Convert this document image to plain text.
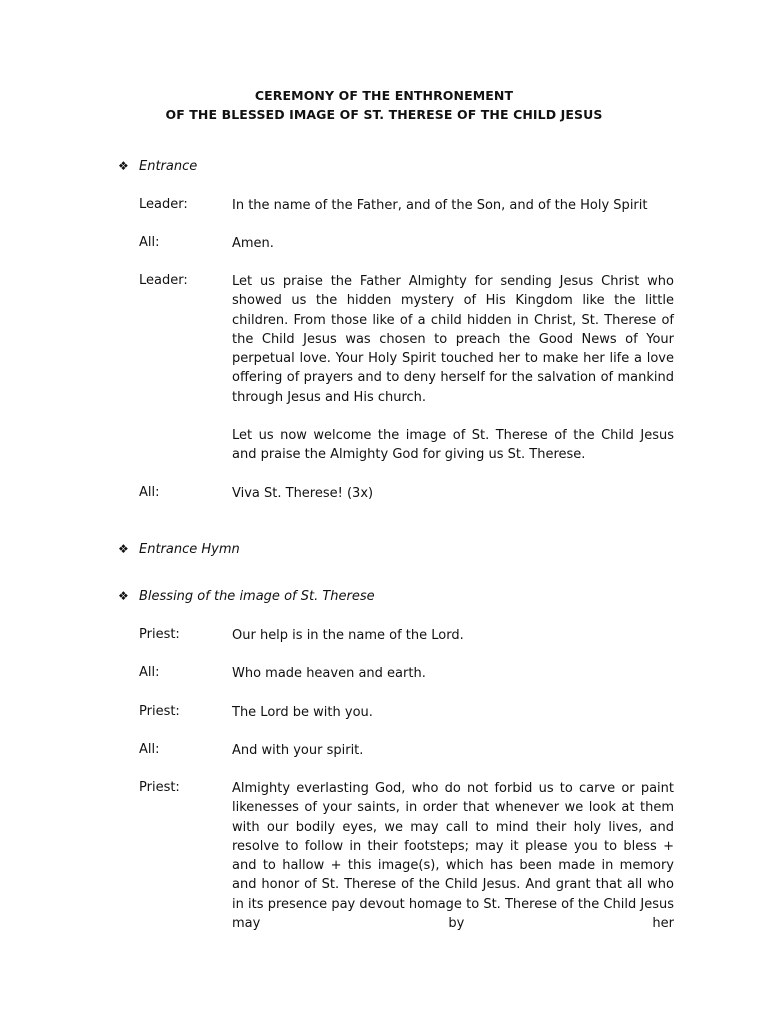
CEREMONY OF THE ENTHRONEMENT
OF THE BLESSED IMAGE OF ST. THERESE OF THE CHILD JESUS
❖ Entrance
Leader:	In the name of the Father, and of the Son, and of the Holy Spirit
All:	Amen.
Leader:	Let us praise the Father Almighty for sending Jesus Christ who showed us the hidden mystery of His Kingdom like the little children. From those like of a child hidden in Christ, St. Therese of the Child Jesus was chosen to preach the Good News of Your perpetual love. Your Holy Spirit touched her to make her life a love offering of prayers and to deny herself for the salvation of mankind through Jesus and His church.
Let us now welcome the image of St. Therese of the Child Jesus and praise the Almighty God for giving us St. Therese.
All:	Viva St. Therese! (3x)
❖ Entrance Hymn
❖ Blessing of the image of St. Therese
Priest:	Our help is in the name of the Lord.
All:	Who made heaven and earth.
Priest:	The Lord be with you.
All:	And with your spirit.
Priest:	Almighty everlasting God, who do not forbid us to carve or paint likenesses of your saints, in order that whenever we look at them with our bodily eyes, we may call to mind their holy lives, and resolve to follow in their footsteps; may it please you to bless + and to hallow + this image(s), which has been made in memory and honor of St. Therese of the Child Jesus. And grant that all who in its presence pay devout homage to St. Therese of the Child Jesus may by her
